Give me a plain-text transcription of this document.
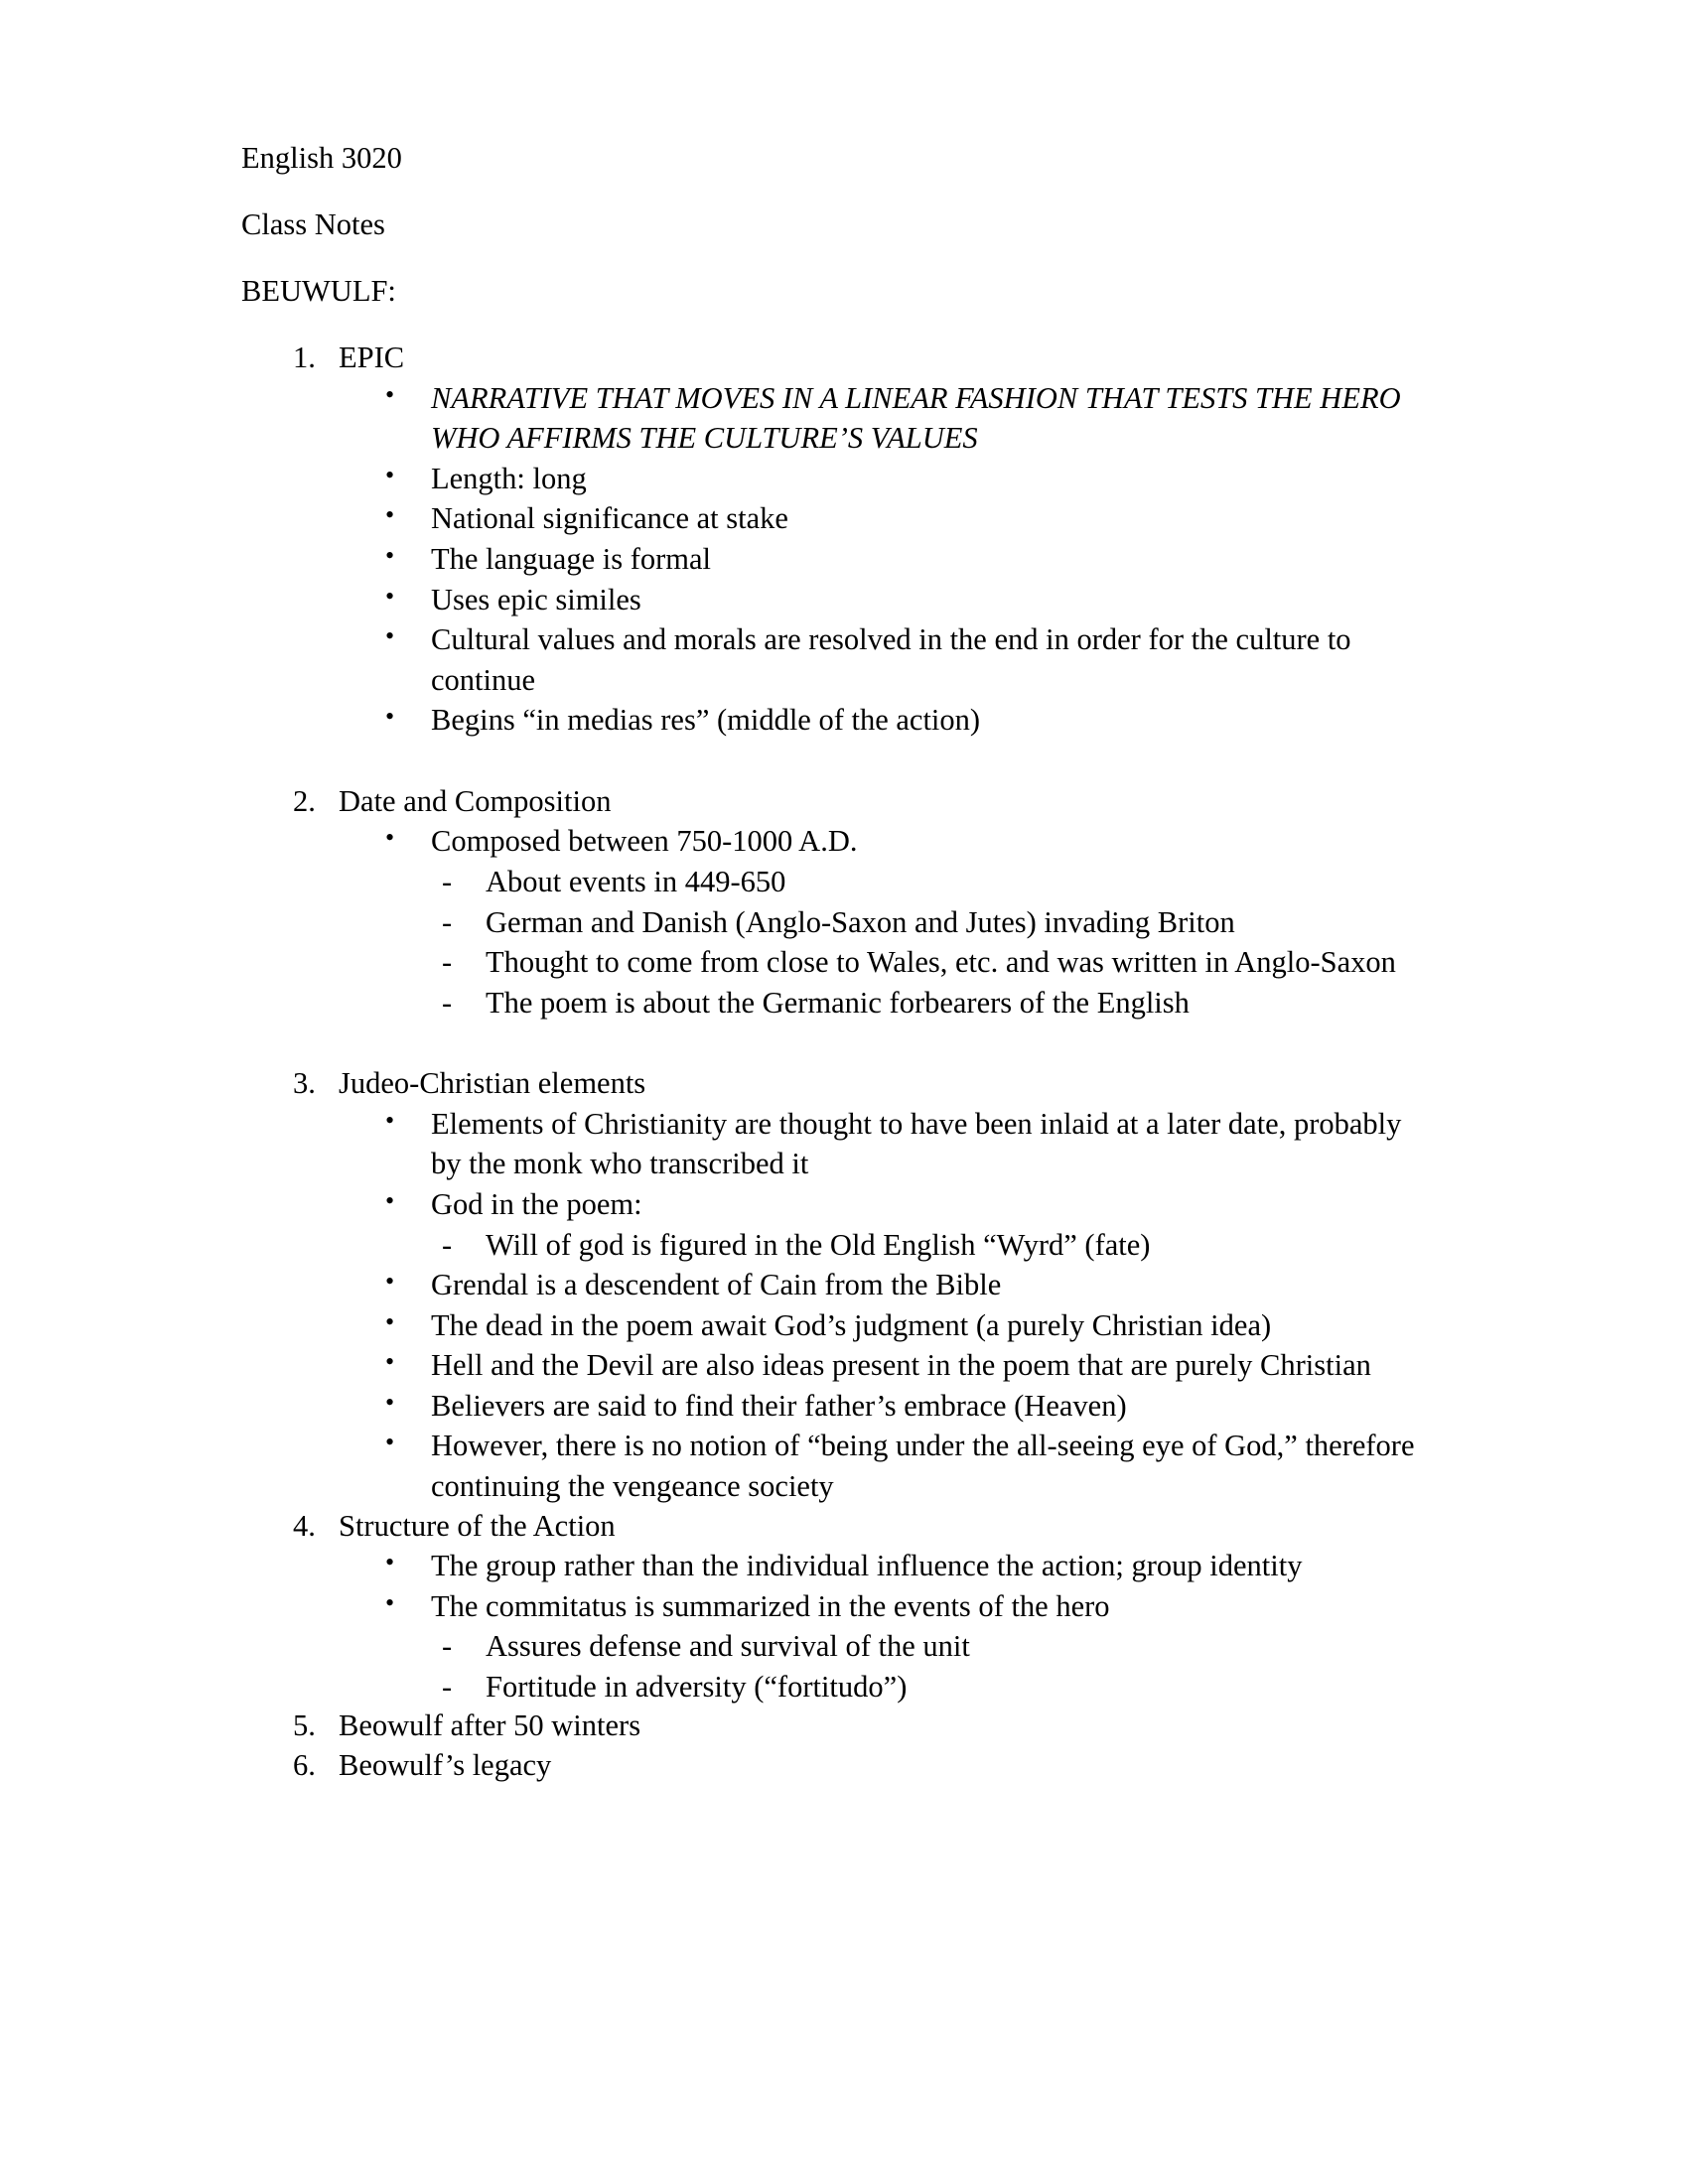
English 3020

Class Notes

BEUWULF:

1. EPIC
• NARRATIVE THAT MOVES IN A LINEAR FASHION THAT TESTS THE HERO WHO AFFIRMS THE CULTURE’S VALUES
• Length: long
• National significance at stake
• The language is formal
• Uses epic similes
• Cultural values and morals are resolved in the end in order for the culture to continue
• Begins “in medias res” (middle of the action)
2. Date and Composition
• Composed between 750-1000 A.D.
- About events in 449-650
- German and Danish (Anglo-Saxon and Jutes) invading Briton
- Thought to come from close to Wales, etc. and was written in Anglo-Saxon
- The poem is about the Germanic forbearers of the English
3. Judeo-Christian elements
• Elements of Christianity are thought to have been inlaid at a later date, probably by the monk who transcribed it
• God in the poem:
- Will of god is figured in the Old English “Wyrd” (fate)
• Grendal is a descendent of Cain from the Bible
• The dead in the poem await God’s judgment (a purely Christian idea)
• Hell and the Devil are also ideas present in the poem that are purely Christian
• Believers are said to find their father’s embrace (Heaven)
• However, there is no notion of “being under the all-seeing eye of God,” therefore continuing the vengeance society
4. Structure of the Action
• The group rather than the individual influence the action; group identity
• The commitatus is summarized in the events of the hero
- Assures defense and survival of the unit
- Fortitude in adversity (“fortitudo”)
5. Beowulf after 50 winters
6. Beowulf’s legacy
